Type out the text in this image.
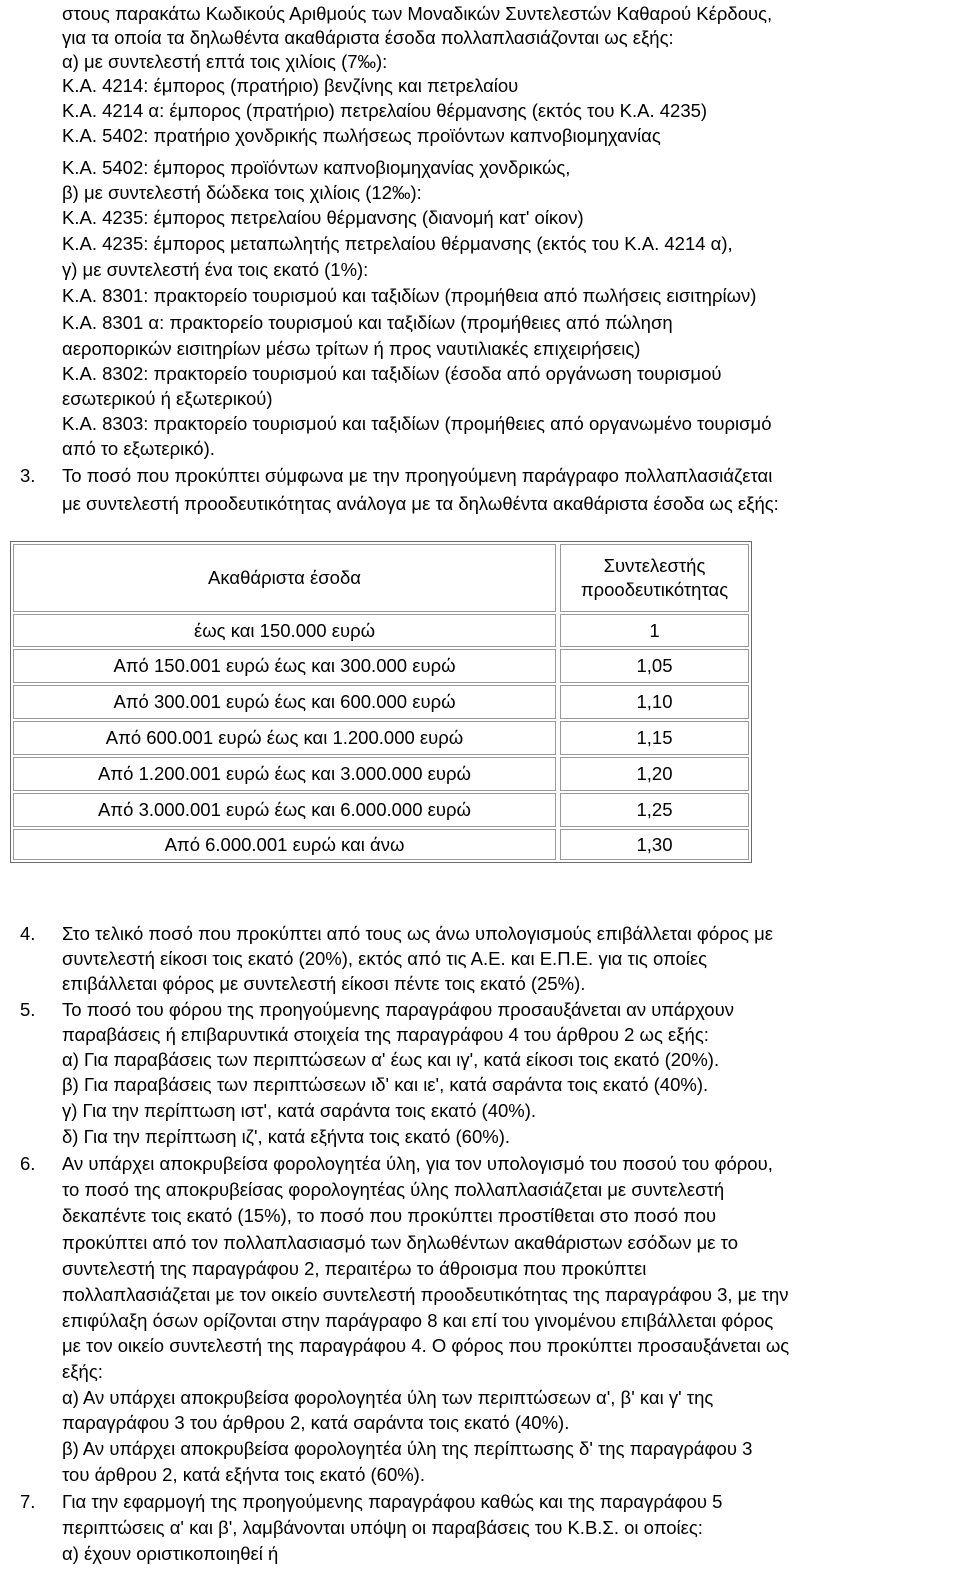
στους παρακάτω Κωδικούς Αριθμούς των Μοναδικών Συντελεστών Καθαρού Κέρδους,
για τα οποία τα δηλωθέντα ακαθάριστα έσοδα πολλαπλασιάζονται ως εξής:
α) με συντελεστή επτά τοις χιλίοις (7‰):
Κ.Α. 4214: έμπορος (πρατήριο) βενζίνης και πετρελαίου
Κ.Α. 4214 α: έμπορος (πρατήριο) πετρελαίου θέρμανσης (εκτός του Κ.Α. 4235)
Κ.Α. 5402: πρατήριο χονδρικής πωλήσεως προϊόντων καπνοβιομηχανίας
Κ.Α. 5402: έμπορος προϊόντων καπνοβιομηχανίας χονδρικώς,
β) με συντελεστή δώδεκα τοις χιλίοις (12‰):
Κ.Α. 4235: έμπορος πετρελαίου θέρμανσης (διανομή κατ' οίκον)
Κ.Α. 4235: έμπορος μεταπωλητής πετρελαίου θέρμανσης (εκτός του Κ.Α. 4214 α),
γ) με συντελεστή ένα τοις εκατό (1%):
Κ.Α. 8301: πρακτορείο τουρισμού και ταξιδίων (προμήθεια από πωλήσεις εισιτηρίων)
Κ.Α. 8301 α: πρακτορείο τουρισμού και ταξιδίων (προμήθειες από πώληση
αεροπορικών εισιτηρίων μέσω τρίτων ή προς ναυτιλιακές επιχειρήσεις)
Κ.Α. 8302: πρακτορείο τουρισμού και ταξιδίων (έσοδα από οργάνωση τουρισμού
εσωτερικού ή εξωτερικού)
Κ.Α. 8303: πρακτορείο τουρισμού και ταξιδίων (προμήθειες από οργανωμένο τουρισμό
από το εξωτερικό).
3. Το ποσό που προκύπτει σύμφωνα με την προηγούμενη παράγραφο πολλαπλασιάζεται
με συντελεστή προοδευτικότητας ανάλογα με τα δηλωθέντα ακαθάριστα έσοδα ως εξής:
Ακαθάριστα έσοδα
Συντελεστής
προοδευτικότητας
έως και 150.000 ευρώ	1
Από 150.001 ευρώ έως και 300.000 ευρώ	1,05
Από 300.001 ευρώ έως και 600.000 ευρώ	1,10
Από 600.001 ευρώ έως και 1.200.000 ευρώ	1,15
Από 1.200.001 ευρώ έως και 3.000.000 ευρώ	1,20
Από 3.000.001 ευρώ έως και 6.000.000 ευρώ	1,25
Από 6.000.001 ευρώ και άνω	1,30
4. Στο τελικό ποσό που προκύπτει από τους ως άνω υπολογισμούς επιβάλλεται φόρος με
συντελεστή είκοσι τοις εκατό (20%), εκτός από τις Α.Ε. και Ε.Π.Ε. για τις οποίες
επιβάλλεται φόρος με συντελεστή είκοσι πέντε τοις εκατό (25%).
5. Το ποσό του φόρου της προηγούμενης παραγράφου προσαυξάνεται αν υπάρχουν
παραβάσεις ή επιβαρυντικά στοιχεία της παραγράφου 4 του άρθρου 2 ως εξής:
α) Για παραβάσεις των περιπτώσεων α' έως και ιγ', κατά είκοσι τοις εκατό (20%).
β) Για παραβάσεις των περιπτώσεων ιδ' και ιε', κατά σαράντα τοις εκατό (40%).
γ) Για την περίπτωση ιστ', κατά σαράντα τοις εκατό (40%).
δ) Για την περίπτωση ιζ', κατά εξήντα τοις εκατό (60%).
6. Αν υπάρχει αποκρυβείσα φορολογητέα ύλη, για τον υπολογισμό του ποσού του φόρου,
το ποσό της αποκρυβείσας φορολογητέας ύλης πολλαπλασιάζεται με συντελεστή
δεκαπέντε τοις εκατό (15%), το ποσό που προκύπτει προστίθεται στο ποσό που
προκύπτει από τον πολλαπλασιασμό των δηλωθέντων ακαθάριστων εσόδων με το
συντελεστή της παραγράφου 2, περαιτέρω το άθροισμα που προκύπτει
πολλαπλασιάζεται με τον οικείο συντελεστή προοδευτικότητας της παραγράφου 3, με την
επιφύλαξη όσων ορίζονται στην παράγραφο 8 και επί του γινομένου επιβάλλεται φόρος
με τον οικείο συντελεστή της παραγράφου 4. Ο φόρος που προκύπτει προσαυξάνεται ως
εξής:
α) Αν υπάρχει αποκρυβείσα φορολογητέα ύλη των περιπτώσεων α', β' και γ' της
παραγράφου 3 του άρθρου 2, κατά σαράντα τοις εκατό (40%).
β) Αν υπάρχει αποκρυβείσα φορολογητέα ύλη της περίπτωσης δ' της παραγράφου 3
του άρθρου 2, κατά εξήντα τοις εκατό (60%).
7. Για την εφαρμογή της προηγούμενης παραγράφου καθώς και της παραγράφου 5
περιπτώσεις α' και β', λαμβάνονται υπόψη οι παραβάσεις του Κ.Β.Σ. οι οποίες:
α) έχουν οριστικοποιηθεί ή
